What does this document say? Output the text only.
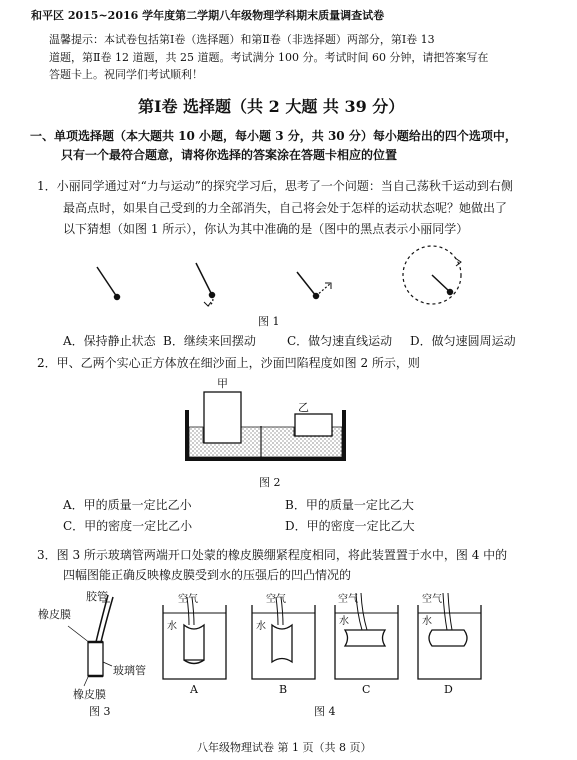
和平区 2015~2016 学年度第二学期八年级物理学科期末质量调查试卷
温馨提示：本试卷包括第Ⅰ卷（选择题）和第Ⅱ卷（非选择题）两部分，第Ⅰ卷 13
道题，第Ⅱ卷 12 道题，共 25 道题。考试满分 100 分。考试时间 60 分钟，请把答案写在
答题卡上。祝同学们考试顺利！
第Ⅰ卷 选择题（共 2 大题 共 39 分）
一、单项选择题（本大题共 10 小题，每小题 3 分，共 30 分）每小题给出的四个选项中，
只有一个最符合题意，请将你选择的答案涂在答题卡相应的位置
1．小丽同学通过对“力与运动”的探究学习后，思考了一个问题：当自己荡秋千运动到右侧
最高点时，如果自己受到的力全部消失，自己将会处于怎样的运动状态呢？她做出了
以下猜想（如图 1 所示），你认为其中准确的是（图中的黑点表示小丽同学）
图 1
A．保持静止状态 B．继续来回摆动	C．做匀速直线运动 D．做匀速圆周运动
2．甲、乙两个实心正方体放在细沙面上，沙面凹陷程度如图 2 所示，则
甲
乙
图 2
A．甲的质量一定比乙小	B．甲的质量一定比乙大
C．甲的密度一定比乙小	D．甲的密度一定比乙大
3．图 3 所示玻璃管两端开口处蒙的橡皮膜绷紧程度相同，将此装置置于水中，图 4 中的
四幅图能正确反映橡皮膜受到水的压强后的凹凸情况的
胶管
橡皮膜
玻璃管
橡皮膜
空气
水
空气
水
空气
水
空气
水
A	B	C	D
图 3	图 4
八年级物理试卷 第 1 页（共 8 页）
